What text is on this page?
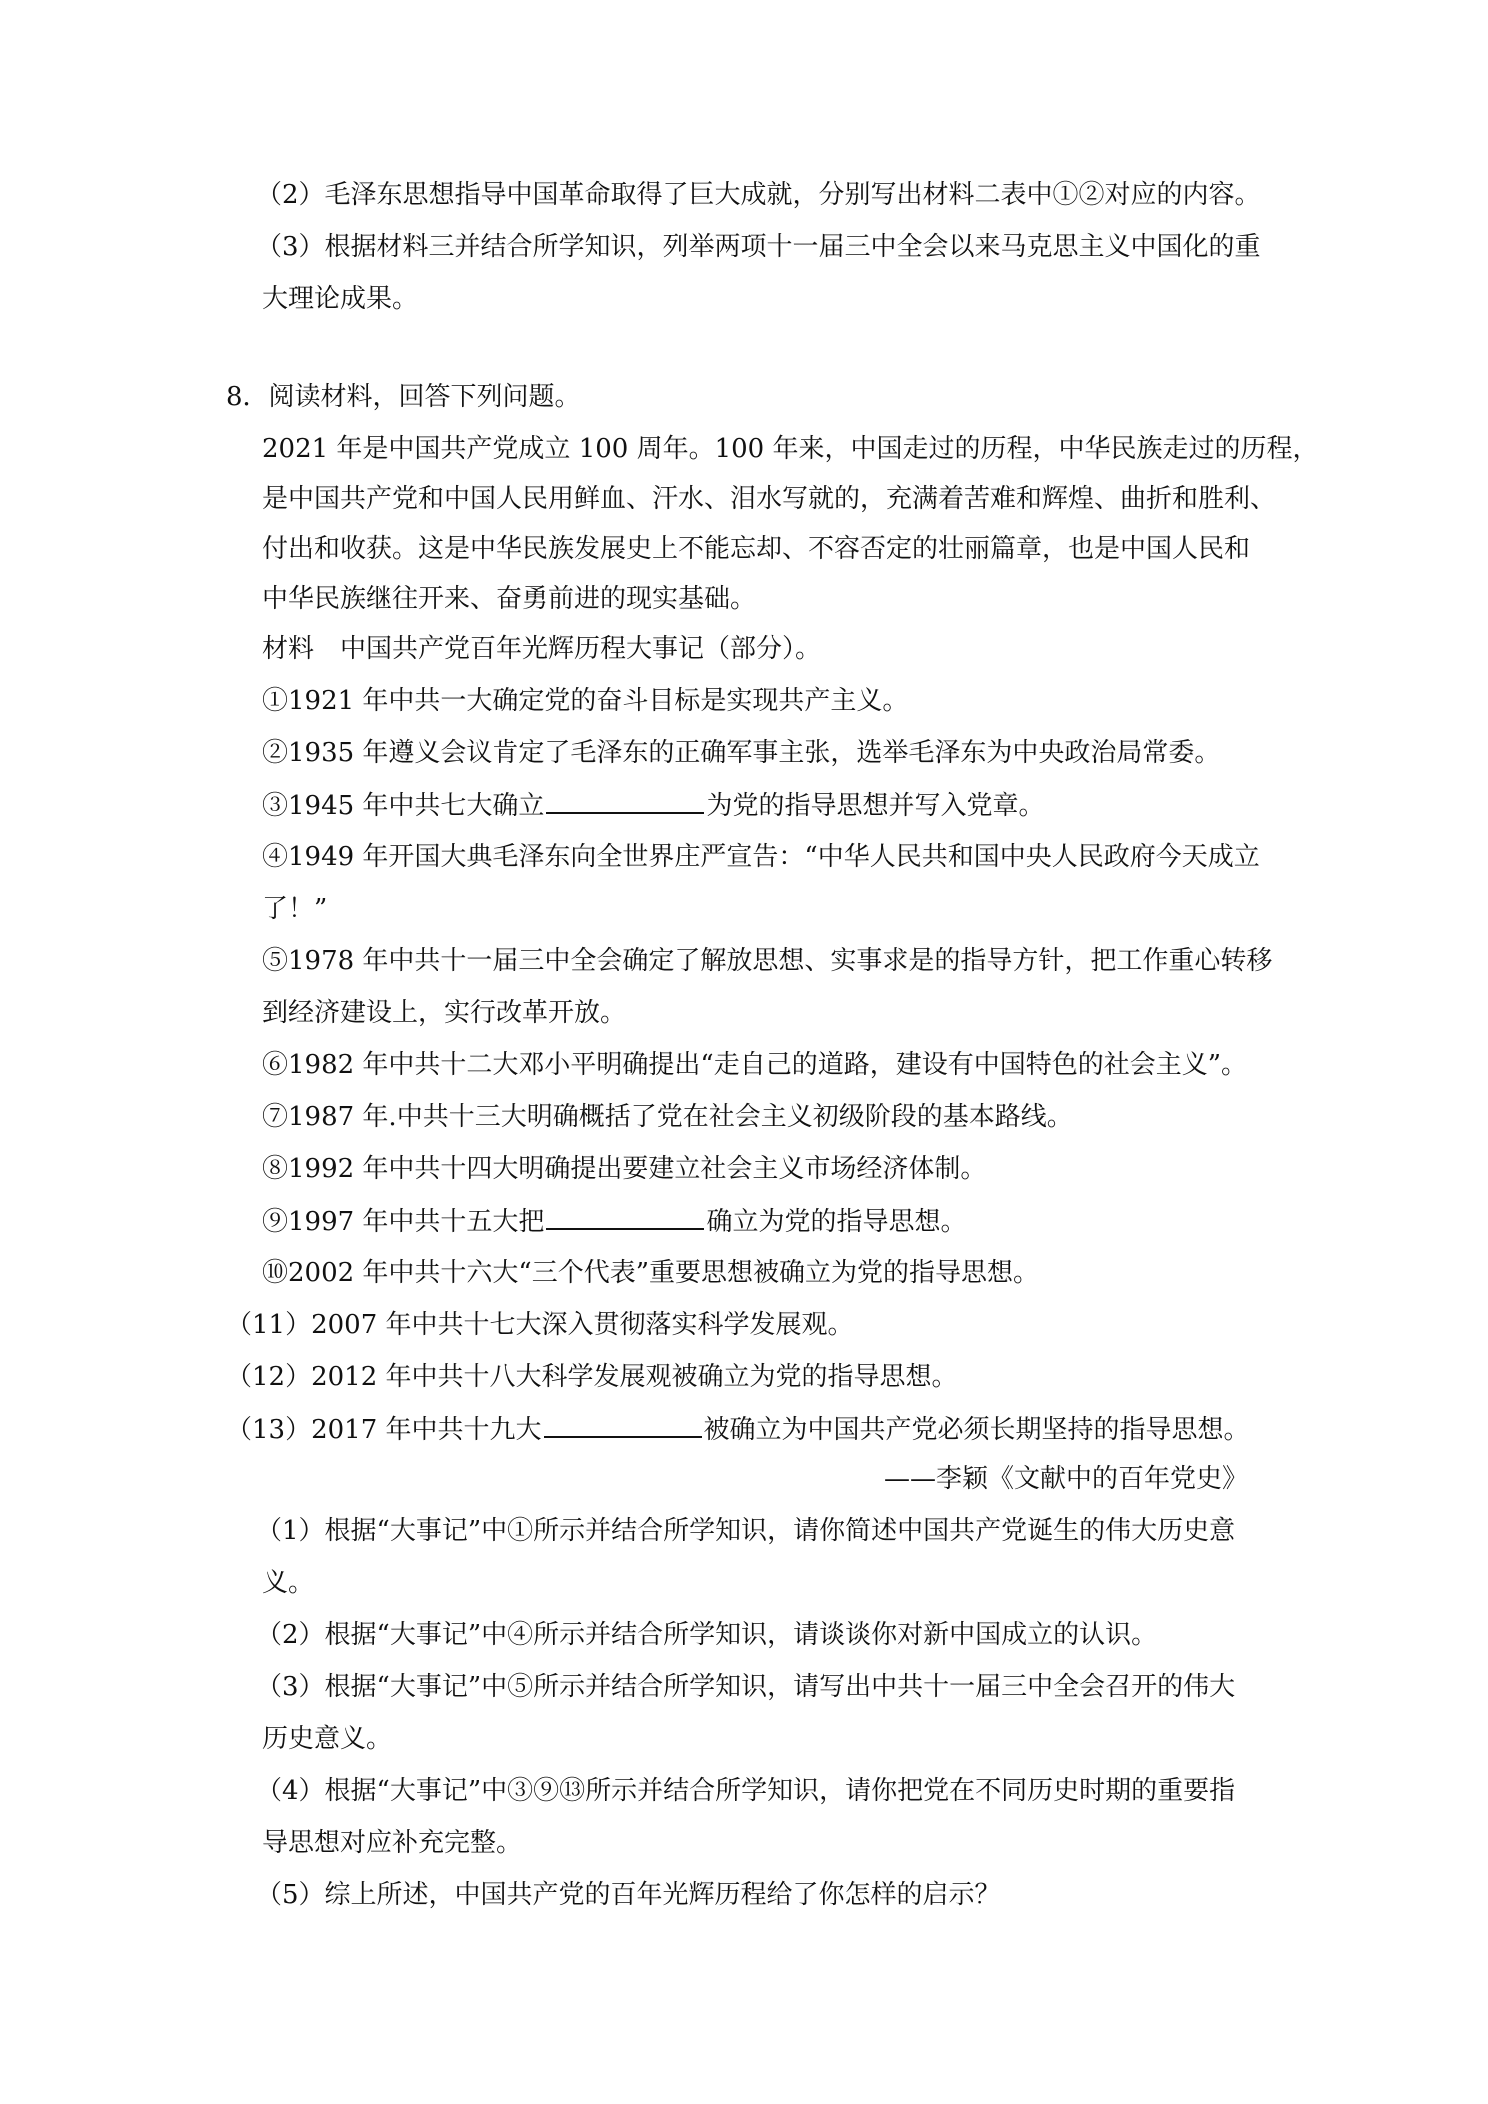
（2）毛泽东思想指导中国革命取得了巨大成就，分别写出材料二表中①②对应的内容。
（3）根据材料三并结合所学知识，列举两项十一届三中全会以来马克思主义中国化的重
大理论成果。
8．阅读材料，回答下列问题。
2021 年是中国共产党成立 100 周年。100 年来，中国走过的历程，中华民族走过的历程，
是中国共产党和中国人民用鲜血、汗水、泪水写就的，充满着苦难和辉煌、曲折和胜利、
付出和收获。这是中华民族发展史上不能忘却、不容否定的壮丽篇章，也是中国人民和
中华民族继往开来、奋勇前进的现实基础。
材料　中国共产党百年光辉历程大事记（部分）。
①1921 年中共一大确定党的奋斗目标是实现共产主义。
②1935 年遵义会议肯定了毛泽东的正确军事主张，选举毛泽东为中央政治局常委。
③1945 年中共七大确立	为党的指导思想并写入党章。
④1949 年开国大典毛泽东向全世界庄严宣告：“中华人民共和国中央人民政府今天成立
了！”
⑤1978 年中共十一届三中全会确定了解放思想、实事求是的指导方针，把工作重心转移
到经济建设上，实行改革开放。
⑥1982 年中共十二大邓小平明确提出“走自己的道路，建设有中国特色的社会主义”。
⑦1987 年.中共十三大明确概括了党在社会主义初级阶段的基本路线。
⑧1992 年中共十四大明确提出要建立社会主义市场经济体制。
⑨1997 年中共十五大把	确立为党的指导思想。
⑩2002 年中共十六大“三个代表”重要思想被确立为党的指导思想。
（11）2007 年中共十七大深入贯彻落实科学发展观。
（12）2012 年中共十八大科学发展观被确立为党的指导思想。
（13）2017 年中共十九大	被确立为中国共产党必须长期坚持的指导思想。
——李颖《文献中的百年党史》
（1）根据“大事记”中①所示并结合所学知识，请你简述中国共产党诞生的伟大历史意
义。
（2）根据“大事记”中④所示并结合所学知识，请谈谈你对新中国成立的认识。
（3）根据“大事记”中⑤所示并结合所学知识，请写出中共十一届三中全会召开的伟大
历史意义。
（4）根据“大事记”中③⑨⑬所示并结合所学知识，请你把党在不同历史时期的重要指
导思想对应补充完整。
（5）综上所述，中国共产党的百年光辉历程给了你怎样的启示？
